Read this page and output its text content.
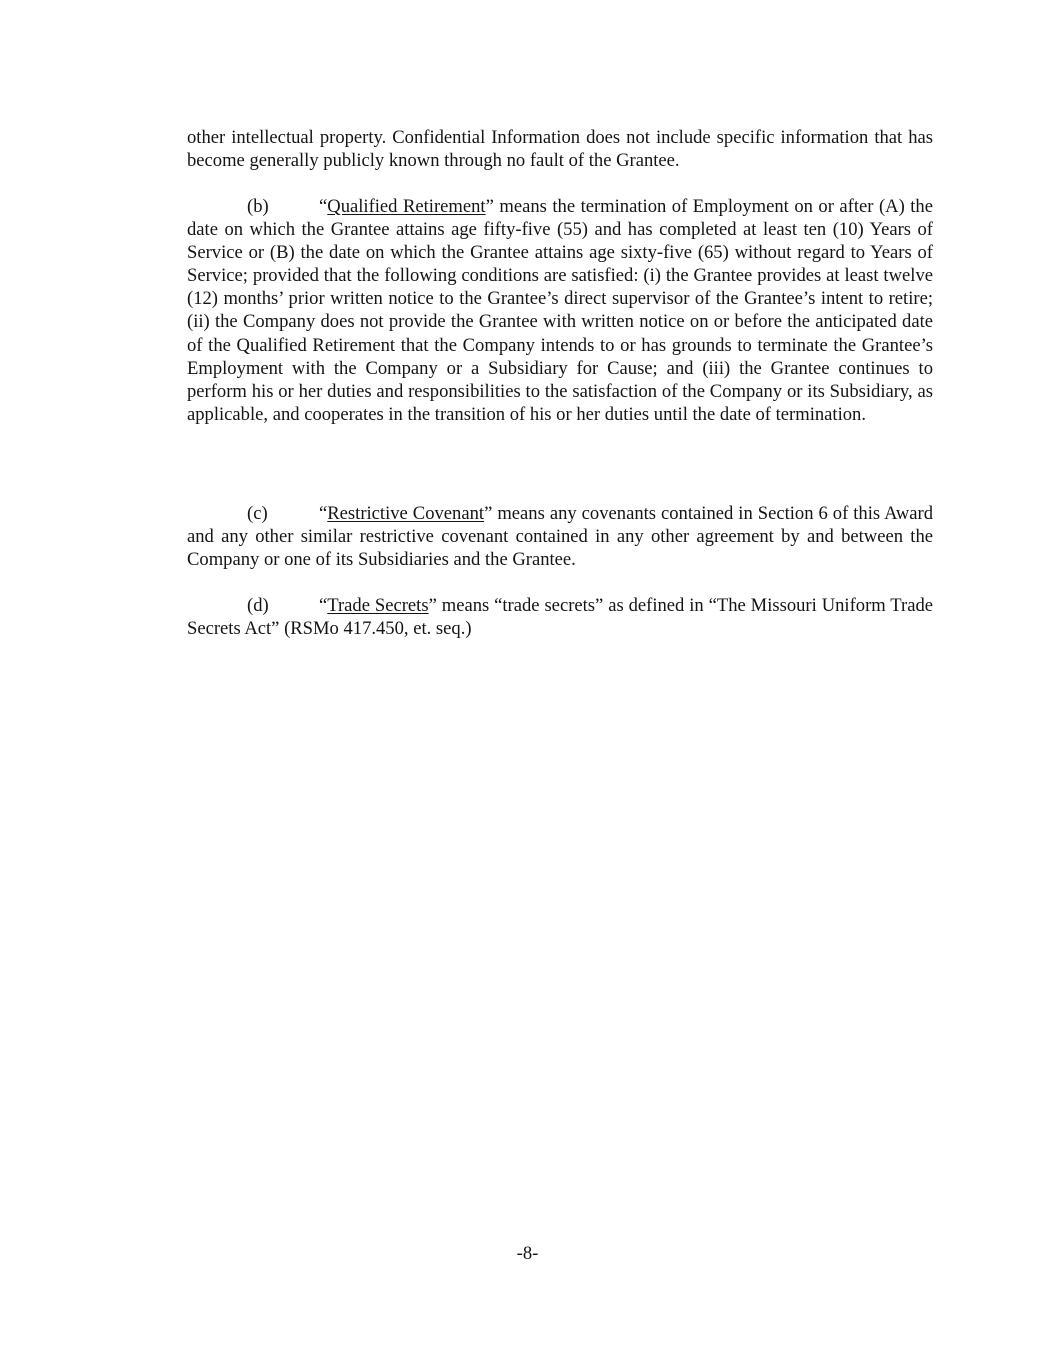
other intellectual property. Confidential Information does not include specific information that has become generally publicly known through no fault of the Grantee.

(b)	“Qualified Retirement” means the termination of Employment on or after (A) the date on which the Grantee attains age fifty-five (55) and has completed at least ten (10) Years of Service or (B) the date on which the Grantee attains age sixty-five (65) without regard to Years of Service; provided that the following conditions are satisfied: (i) the Grantee provides at least twelve (12) months’ prior written notice to the Grantee’s direct supervisor of the Grantee’s intent to retire; (ii) the Company does not provide the Grantee with written notice on or before the anticipated date of the Qualified Retirement that the Company intends to or has grounds to terminate the Grantee’s Employment with the Company or a Subsidiary for Cause; and (iii) the Grantee continues to perform his or her duties and responsibilities to the satisfaction of the Company or its Subsidiary, as applicable, and cooperates in the transition of his or her duties until the date of termination.

(c)	“Restrictive Covenant” means any covenants contained in Section 6 of this Award and any other similar restrictive covenant contained in any other agreement by and between the Company or one of its Subsidiaries and the Grantee.

(d)	“Trade Secrets” means “trade secrets” as defined in “The Missouri Uniform Trade Secrets Act” (RSMo 417.450, et. seq.)

-8-
